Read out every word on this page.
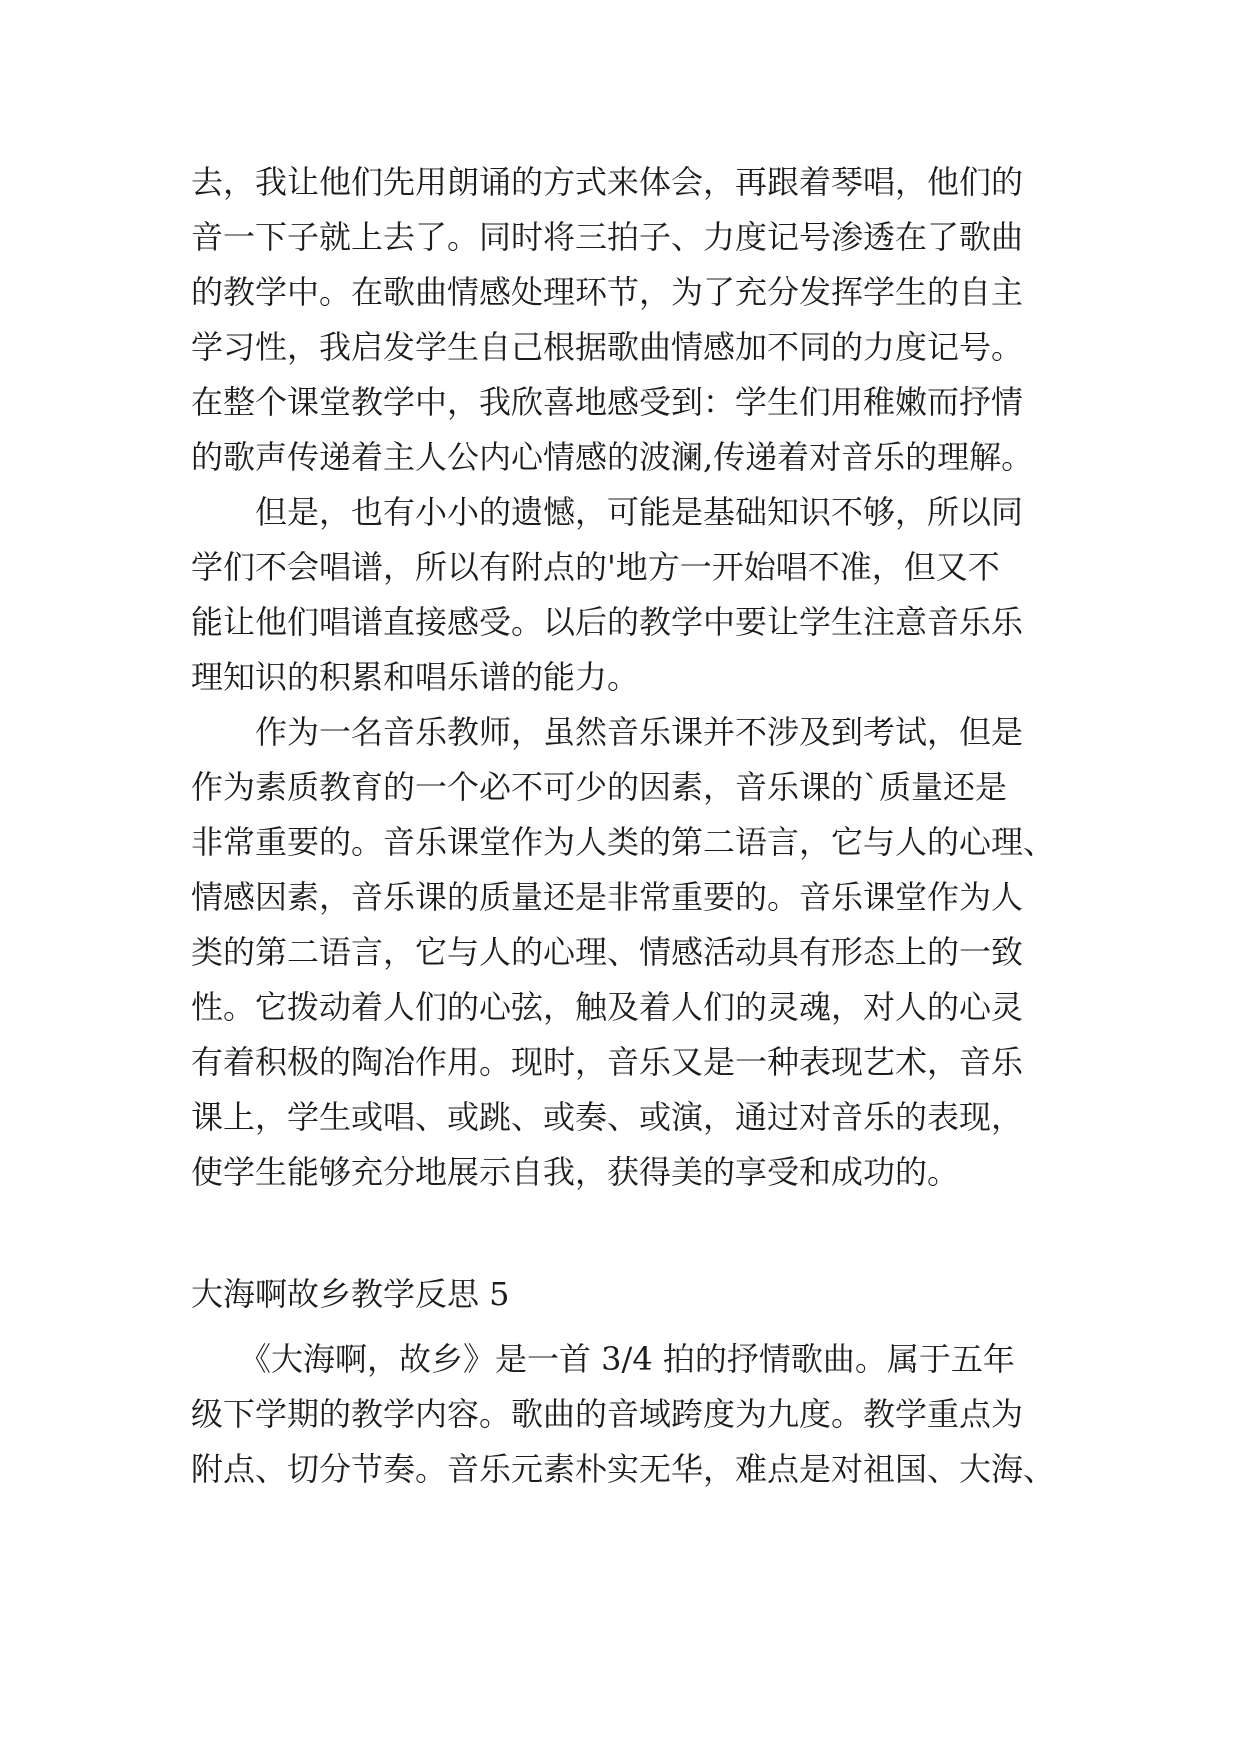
去，我让他们先用朗诵的方式来体会，再跟着琴唱，他们的
音一下子就上去了。同时将三拍子、力度记号渗透在了歌曲
的教学中。在歌曲情感处理环节，为了充分发挥学生的自主
学习性，我启发学生自己根据歌曲情感加不同的力度记号。
在整个课堂教学中，我欣喜地感受到：学生们用稚嫩而抒情
的歌声传递着主人公内心情感的波澜,传递着对音乐的理解。
　　但是，也有小小的遗憾，可能是基础知识不够，所以同
学们不会唱谱，所以有附点的'地方一开始唱不准，但又不
能让他们唱谱直接感受。以后的教学中要让学生注意音乐乐
理知识的积累和唱乐谱的能力。
　　作为一名音乐教师，虽然音乐课并不涉及到考试，但是
作为素质教育的一个必不可少的因素，音乐课的`质量还是
非常重要的。音乐课堂作为人类的第二语言，它与人的心理、
情感因素，音乐课的质量还是非常重要的。音乐课堂作为人
类的第二语言，它与人的心理、情感活动具有形态上的一致
性。它拨动着人们的心弦，触及着人们的灵魂，对人的心灵
有着积极的陶冶作用。现时，音乐又是一种表现艺术，音乐
课上，学生或唱、或跳、或奏、或演，通过对音乐的表现，
使学生能够充分地展示自我，获得美的享受和成功的。
大海啊故乡教学反思 5
　　《大海啊，故乡》是一首 3/4 拍的抒情歌曲。属于五年
级下学期的教学内容。歌曲的音域跨度为九度。教学重点为
附点、切分节奏。音乐元素朴实无华，难点是对祖国、大海、
